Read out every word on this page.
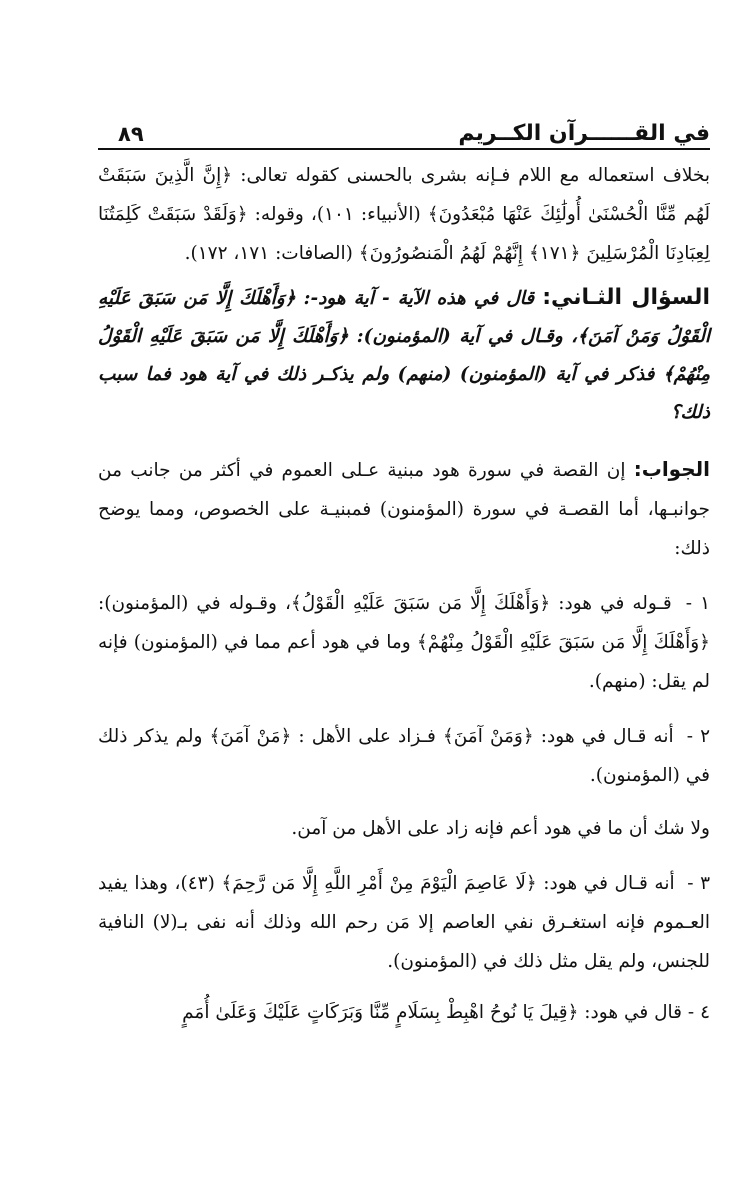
في القــــــرآن الكــريم
٨٩

بخلاف استعماله مع اللام فـإنه بشرى بالحسنى كقوله تعالى: ﴿إِنَّ الَّذِينَ سَبَقَتْ لَهُم مِّنَّا الْحُسْنَىٰ أُولَٰئِكَ عَنْهَا مُبْعَدُونَ﴾ (الأنبياء: ١٠١)، وقوله: ﴿وَلَقَدْ سَبَقَتْ كَلِمَتُنَا لِعِبَادِنَا الْمُرْسَلِينَ ﴿١٧١﴾ إِنَّهُمْ لَهُمُ الْمَنصُورُونَ﴾ (الصافات: ١٧١، ١٧٢).

السؤال الثـاني: قال في هذه الآية - آية هود-: ﴿وَأَهْلَكَ إِلَّا مَن سَبَقَ عَلَيْهِ الْقَوْلُ وَمَنْ آمَنَ﴾، وقـال في آية (المؤمنون): ﴿وَأَهْلَكَ إِلَّا مَن سَبَقَ عَلَيْهِ الْقَوْلُ مِنْهُمْ﴾ فذكر في آية (المؤمنون) (منهم) ولم يذكـر ذلك في آية هود فما سبب ذلك؟

الجواب: إن القصة في سورة هود مبنية عـلى العموم في أكثر من جانب من جوانبـها، أما القصـة في سورة (المؤمنون) فمبنيـة على الخصوص، ومما يوضح ذلك:

١ - قـوله في هود: ﴿وَأَهْلَكَ إِلَّا مَن سَبَقَ عَلَيْهِ الْقَوْلُ﴾، وقـوله في (المؤمنون): ﴿وَأَهْلَكَ إِلَّا مَن سَبَقَ عَلَيْهِ الْقَوْلُ مِنْهُمْ﴾ وما في هود أعم مما في (المؤمنون) فإنه لم يقل: (منهم).

٢ - أنه قـال في هود: ﴿وَمَنْ آمَنَ﴾ فـزاد على الأهل : ﴿مَنْ آمَنَ﴾ ولم يذكر ذلك في (المؤمنون).

ولا شك أن ما في هود أعم فإنه زاد على الأهل من آمن.

٣ - أنه قـال في هود: ﴿لَا عَاصِمَ الْيَوْمَ مِنْ أَمْرِ اللَّهِ إِلَّا مَن رَّحِمَ﴾ (٤٣)، وهذا يفيد العـموم فإنه استغـرق نفي العاصم إلا مَن رحم الله وذلك أنه نفى بـ(لا) النافية للجنس، ولم يقل مثل ذلك في (المؤمنون).

٤ - قال في هود: ﴿قِيلَ يَا نُوحُ اهْبِطْ بِسَلَامٍ مِّنَّا وَبَرَكَاتٍ عَلَيْكَ وَعَلَىٰ أُمَمٍ
